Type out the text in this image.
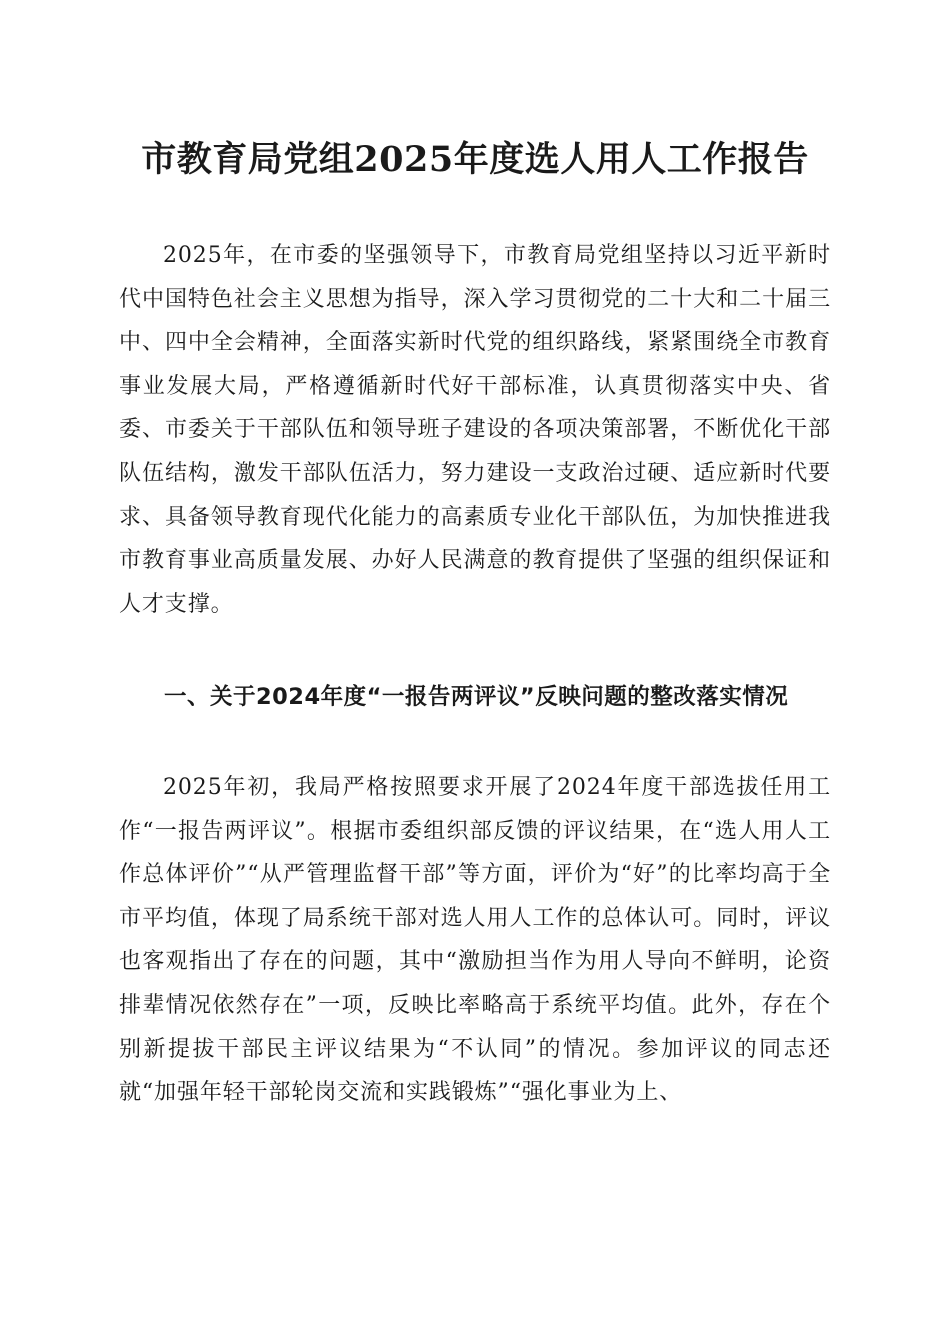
市教育局党组2025年度选人用人工作报告

2025年，在市委的坚强领导下，市教育局党组坚持以习近平新时代中国特色社会主义思想为指导，深入学习贯彻党的二十大和二十届三中、四中全会精神，全面落实新时代党的组织路线，紧紧围绕全市教育事业发展大局，严格遵循新时代好干部标准，认真贯彻落实中央、省委、市委关于干部队伍和领导班子建设的各项决策部署，不断优化干部队伍结构，激发干部队伍活力，努力建设一支政治过硬、适应新时代要求、具备领导教育现代化能力的高素质专业化干部队伍，为加快推进我市教育事业高质量发展、办好人民满意的教育提供了坚强的组织保证和人才支撑。

一、关于2024年度“一报告两评议”反映问题的整改落实情况

2025年初，我局严格按照要求开展了2024年度干部选拔任用工作“一报告两评议”。根据市委组织部反馈的评议结果，在“选人用人工作总体评价”“从严管理监督干部”等方面，评价为“好”的比率均高于全市平均值，体现了局系统干部对选人用人工作的总体认可。同时，评议也客观指出了存在的问题，其中“激励担当作为用人导向不鲜明，论资排辈情况依然存在”一项，反映比率略高于系统平均值。此外，存在个别新提拔干部民主评议结果为“不认同”的情况。参加评议的同志还就“加强年轻干部轮岗交流和实践锻炼”“强化事业为上、
